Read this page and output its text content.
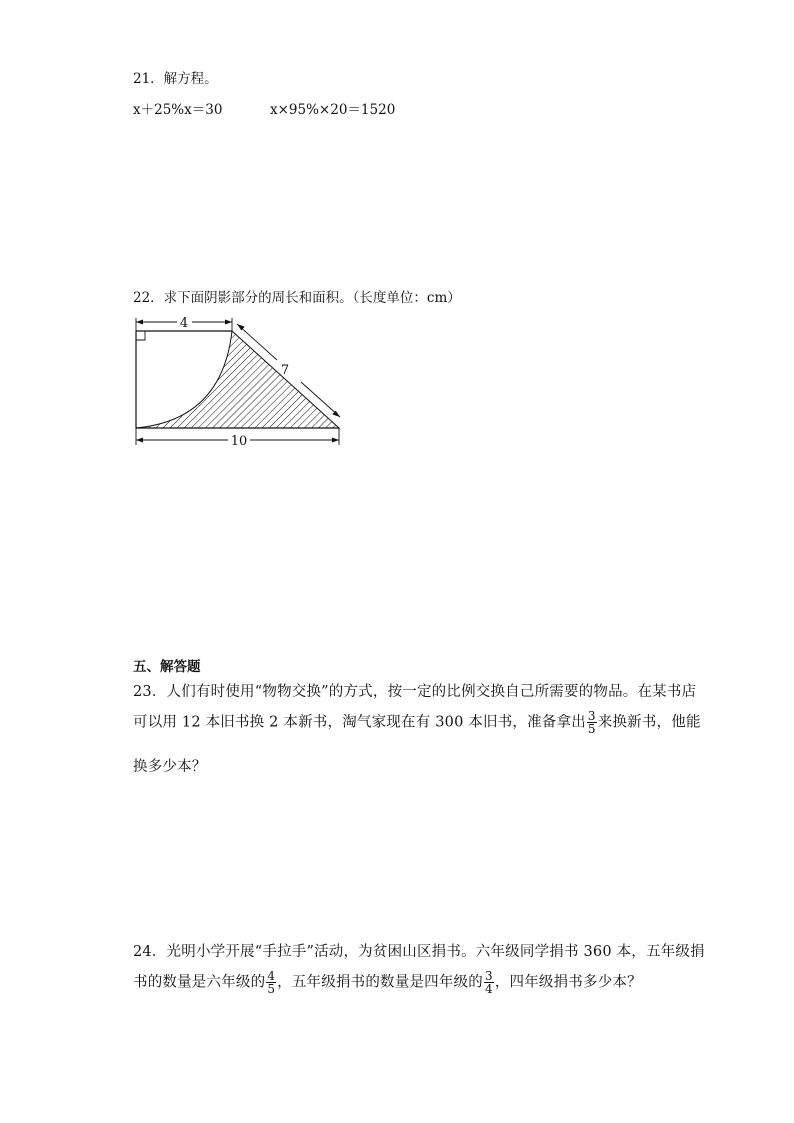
21．解方程。
x＋25%x＝30	x×95%×20＝1520
22．求下面阴影部分的周长和面积。（长度单位：cm）
4
7
10
五、解答题
23．人们有时使用“物物交换”的方式，按一定的比例交换自己所需要的物品。在某书店
可以用 12 本旧书换 2 本新书，淘气家现在有 300 本旧书，准备拿出 $\frac{3}{5}$ 来换新书，他能
换多少本？
24．光明小学开展“手拉手”活动，为贫困山区捐书。六年级同学捐书 360 本，五年级捐
书的数量是六年级的 $\frac{4}{5}$ ，五年级捐书的数量是四年级的 $\frac{3}{4}$ ，四年级捐书多少本？
